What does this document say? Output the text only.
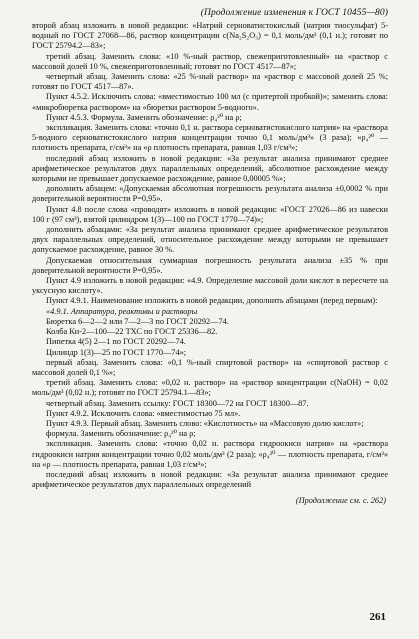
(Продолжение изменения к ГОСТ 10455—80)

второй абзац изложить в новой редакции: «Натрий серноватистокислый (натрия тиосульфат) 5-водный по ГОСТ 27068—86, раствор концентрации c(Na₂S₂O₃) = 0,1 моль/дм³ (0,1 н.); готовят по ГОСТ 25794.2—83»;

третий абзац. Заменить слова: «10 %-ный раствор, свежеприготовленный» на «раствор с массовой долей 10 %, свежеприготовленный; готовят по ГОСТ 4517—87»;

четвертый абзац. Заменить слова: «25 %-ный раствор» на «раствор с массовой долей 25 %; готовят по ГОСТ 4517—87».

Пункт 4.5.2. Исключить слова: «вместимостью 100 мл (с притертой пробкой)»; заменить слова: «микробюретка раствором» на «бюретки раствором 5-водного».

Пункт 4.5.3. Формула. Заменить обозначение: ρ₄²⁰ на ρ;

экспликация. Заменить слова: «точно 0,1 н. раствора серноватистокислого натрия» на «раствора 5-водного серноватистокислого натрия концентрации точно 0,1 моль/дм³» (3 раза); «ρ₄²⁰ — плотность препарата, г/см³» на «ρ плотность препарата, равная 1,03 г/см³»;

последний абзац изложить в новой редакции: «За результат анализа принимают среднее арифметическое результатов двух параллельных определений, абсолютное расхождение между которыми не превышает допускаемое расхождение, равное 0,00005 %»;

дополнить абзацем: «Допускаемая абсолютная погрешность результата анализа ±0,0002 % при доверительной вероятности P=0,95».

Пункт 4.8 после слова «проводят» изложить в новой редакции: «ГОСТ 27026—86 из навески 100 г (97 см³), взятой цилиндром 1(3)—100 по ГОСТ 1770—74)»;

дополнить абзацами: «За результат анализа принимают среднее арифметическое результатов двух параллельных определений, относительное расхождение между которыми не превышает допускаемое расхождение, равное 30 %.

Допускаемая относительная суммарная погрешность результата анализа ±35 % при доверительной вероятности P=0,95».

Пункт 4.9 изложить в новой редакции: «4.9. Определение массовой доли кислот в пересчете на уксусную кислоту».

Пункт 4.9.1. Наименование изложить в новой редакции, дополнить абзацами (перед первым):

«4.9.1. Аппаратура, реактивы и растворы

Бюретка 6—2—2 или 7—2—3 по ГОСТ 20292—74.

Колба Кн-2—100—22 ТХС по ГОСТ 25336—82.

Пипетка 4(5) 2—1 по ГОСТ 20292—74.

Цилиндр 1(3)—25 по ГОСТ 1770—74»;

первый абзац. Заменить слова: «0,1 %-ный спиртовой раствор» на «спиртовой раствор с массовой долей 0,1 %»;

третий абзац. Заменить слова: «0,02 н. раствор» на «раствор концентрации c(NaOH) = 0,02 моль/дм³ (0,02 н.); готовят по ГОСТ 25794.1—83»;

четвертый абзац. Заменить ссылку: ГОСТ 18300—72 на ГОСТ 18300—87.

Пункт 4.9.2. Исключить слова: «вместимостью 75 мл».

Пункт 4.9.3. Первый абзац. Заменить слово: «Кислотность» на «Массовую долю кислот»;

формула. Заменить обозначение: ρ₄²⁰ на ρ;

экспликация. Заменить слова: «точно 0,02 н. раствора гидроокиси натрия» на «раствора гидроокиси натрия концентрации точно 0,02 моль/дм³ (2 раза); «ρ₄²⁰ — плотность препарата, г/см³» на «ρ — плотность препарата, равная 1,03 г/см³»;

последний абзац изложить в новой редакции: «За результат анализа принимают среднее арифметическое результатов двух параллельных определений

(Продолжение см. с. 262)

261
